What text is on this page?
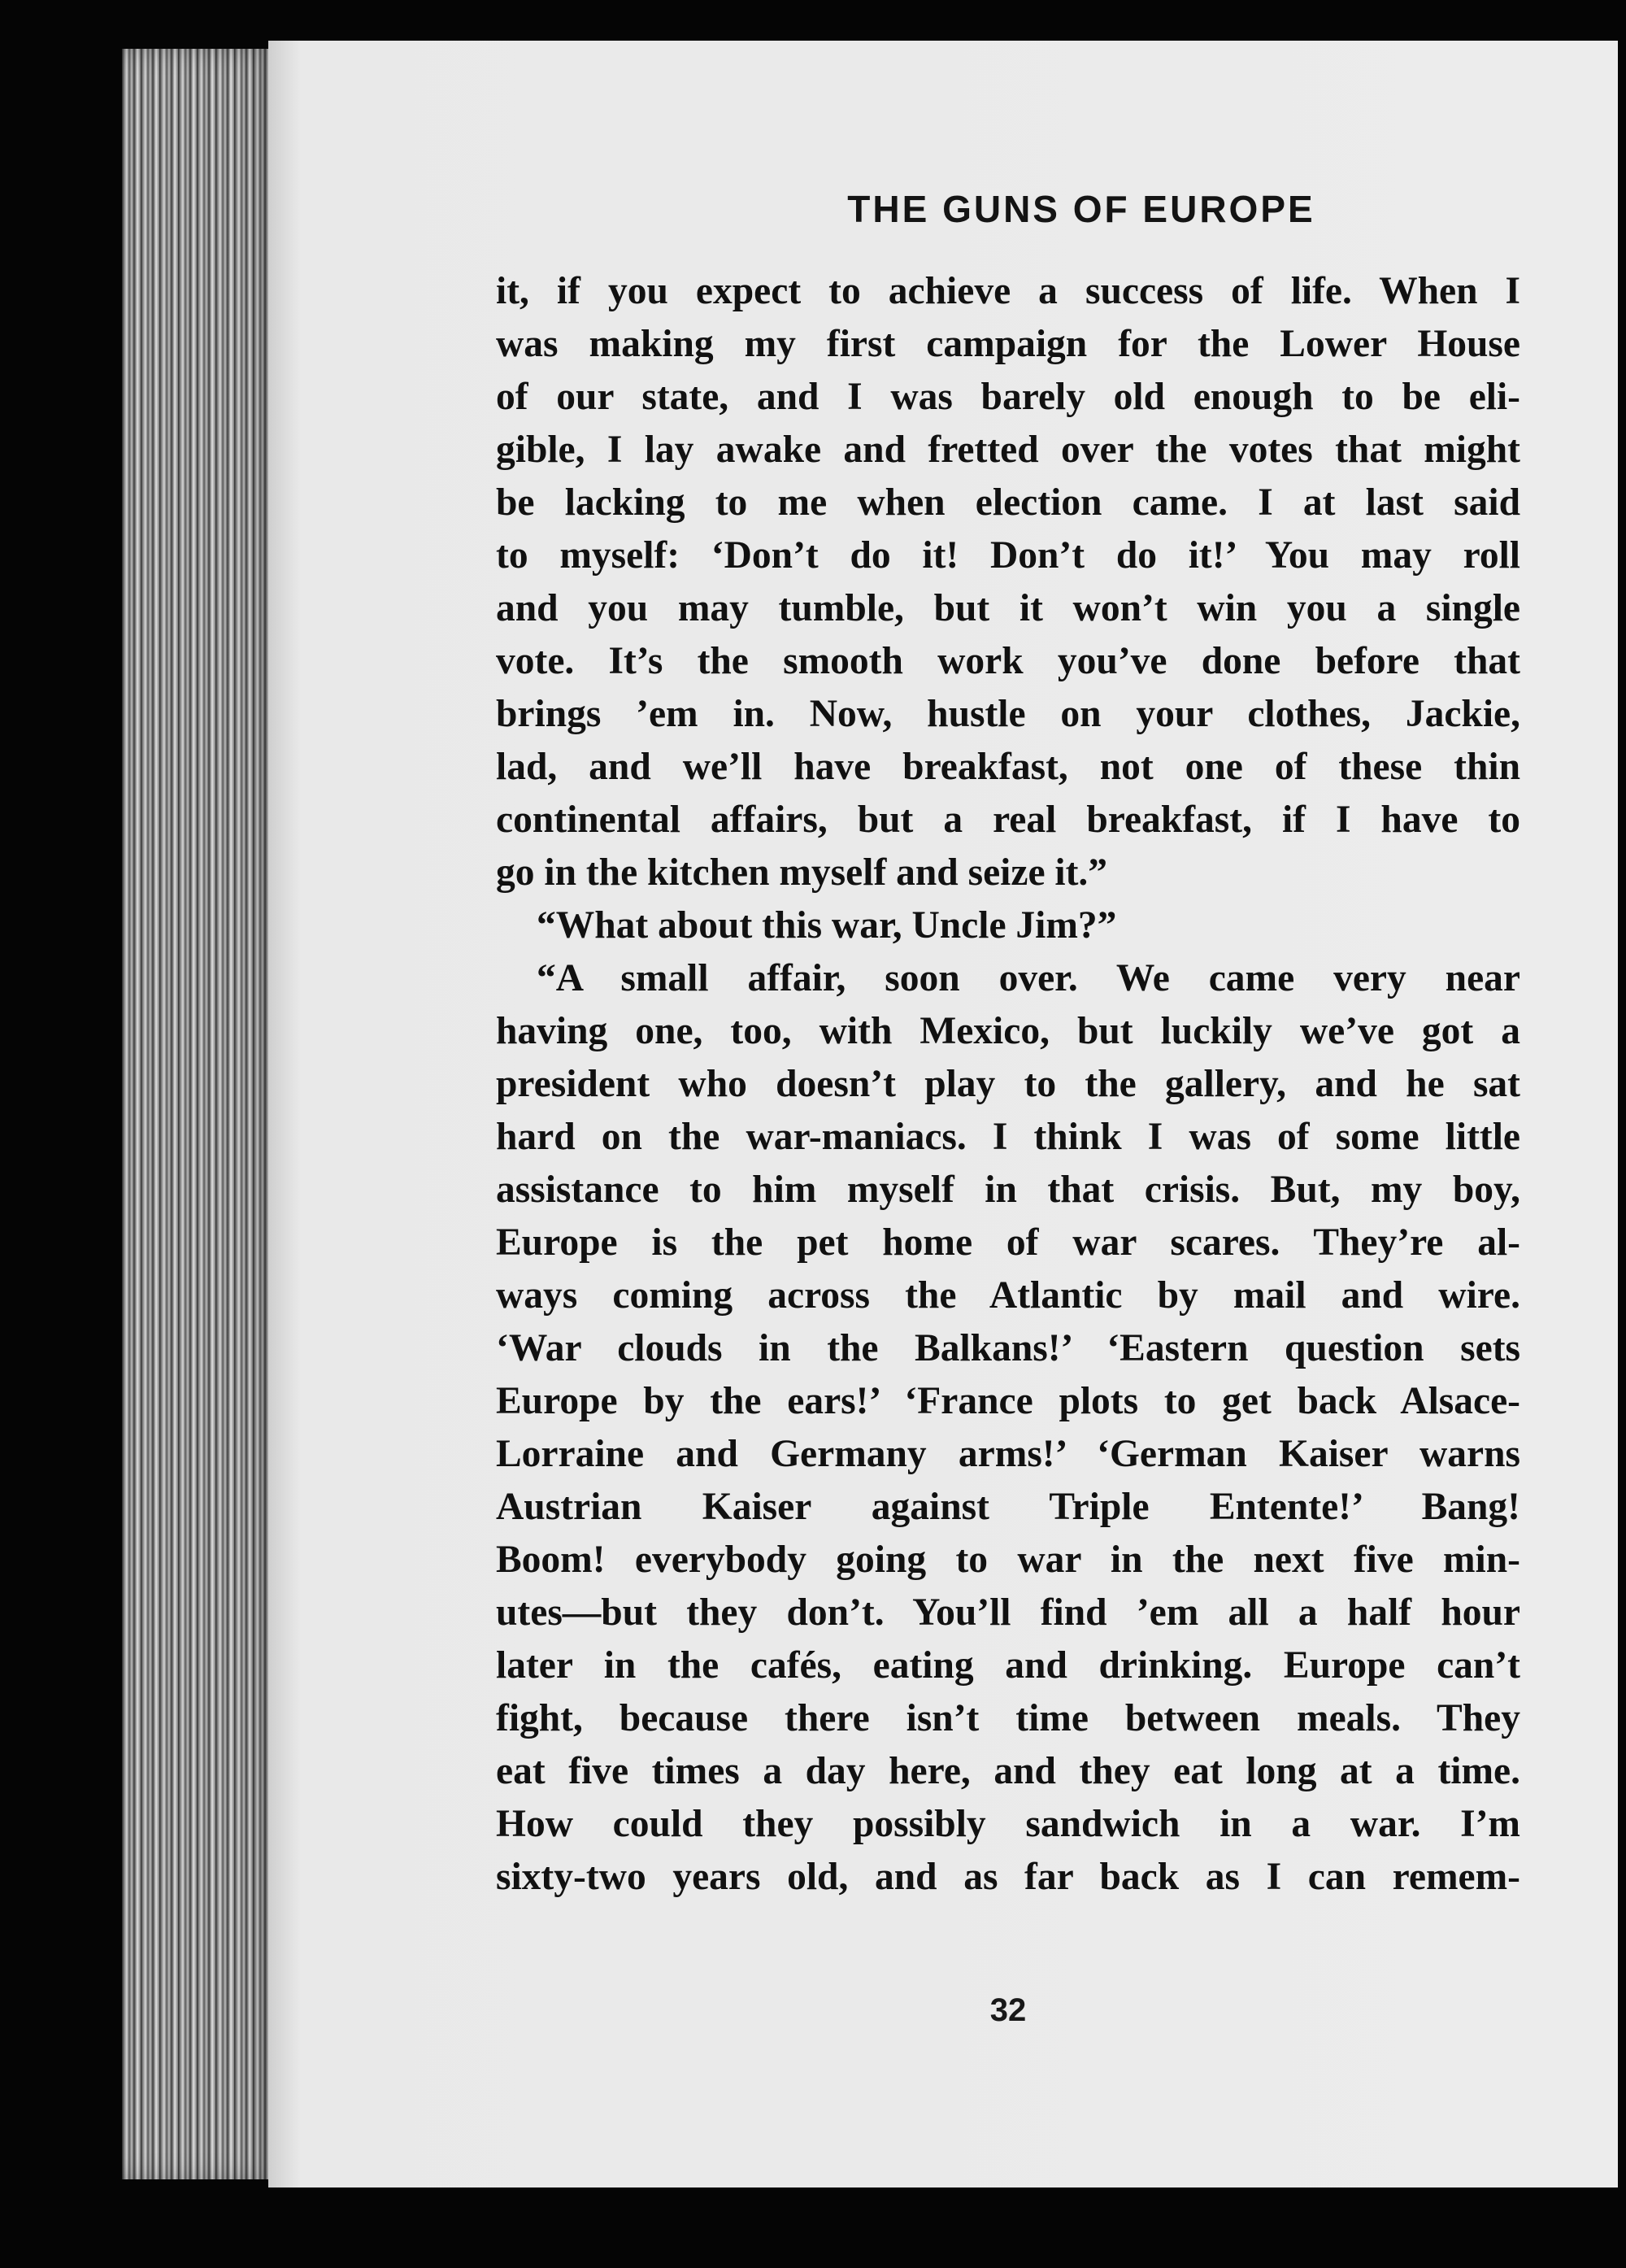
THE GUNS OF EUROPE
it, if you expect to achieve a success of life. When I
was making my first campaign for the Lower House
of our state, and I was barely old enough to be eli-
gible, I lay awake and fretted over the votes that might
be lacking to me when election came. I at last said
to myself: ‘Don’t do it! Don’t do it!’ You may roll
and you may tumble, but it won’t win you a single
vote. It’s the smooth work you’ve done before that
brings ’em in. Now, hustle on your clothes, Jackie,
lad, and we’ll have breakfast, not one of these thin
continental affairs, but a real breakfast, if I have to
go in the kitchen myself and seize it.”
“What about this war, Uncle Jim?”
“A small affair, soon over. We came very near
having one, too, with Mexico, but luckily we’ve got a
president who doesn’t play to the gallery, and he sat
hard on the war-maniacs. I think I was of some little
assistance to him myself in that crisis. But, my boy,
Europe is the pet home of war scares. They’re al-
ways coming across the Atlantic by mail and wire.
‘War clouds in the Balkans!’ ‘Eastern question sets
Europe by the ears!’ ‘France plots to get back Alsace-
Lorraine and Germany arms!’ ‘German Kaiser warns
Austrian Kaiser against Triple Entente!’ Bang!
Boom! everybody going to war in the next five min-
utes—but they don’t. You’ll find ’em all a half hour
later in the cafés, eating and drinking. Europe can’t
fight, because there isn’t time between meals. They
eat five times a day here, and they eat long at a time.
How could they possibly sandwich in a war. I’m
sixty-two years old, and as far back as I can remem-
32
